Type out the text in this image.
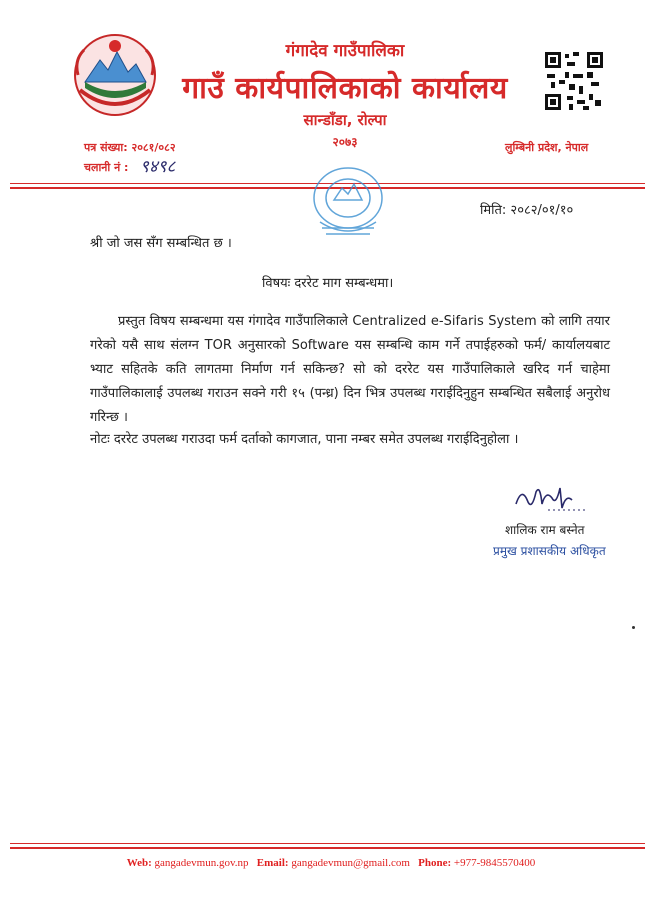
गंगादेव गाउँपालिका
गाउँ कार्यपालिकाको कार्यालय
सान्डाँडा, रोल्पा
२०७३
पत्र संख्या: २०८१/०८२
चलानी नं : ९४९८
लुम्बिनी प्रदेश, नेपाल
मिति: २०८२/०१/१०
श्री जो जस सँग सम्बन्धित छ ।
विषयः दररेट माग सम्बन्धमा।
प्रस्तुत विषय सम्बन्धमा यस गंगादेव गाउँपालिकाले Centralized e-Sifaris System को लागि तयार गरेको यसै साथ संलग्न TOR अनुसारको Software यस सम्बन्धि काम गर्ने तपाईहरुको फर्म/ कार्यालयबाट भ्याट सहितके कति लागतमा निर्माण गर्न सकिन्छ? सो को दररेट यस गाउँपालिकाले खरिद गर्न चाहेमा गाउँपालिकालाई उपलब्ध गराउन सक्ने गरी १५ (पन्ध्र) दिन भित्र उपलब्ध गराईदिनुहुन सम्बन्धित सबैलाई अनुरोध गरिन्छ ।
नोटः दररेट उपलब्ध गराउदा फर्म दर्ताको कागजात, पाना नम्बर समेत उपलब्ध गराईदिनुहोला ।
शालिक राम बस्नेत
प्रमुख प्रशासकीय अधिकृत
Web: gangadevmun.gov.np Email: gangadevmun@gmail.com Phone: +977-9845570400
